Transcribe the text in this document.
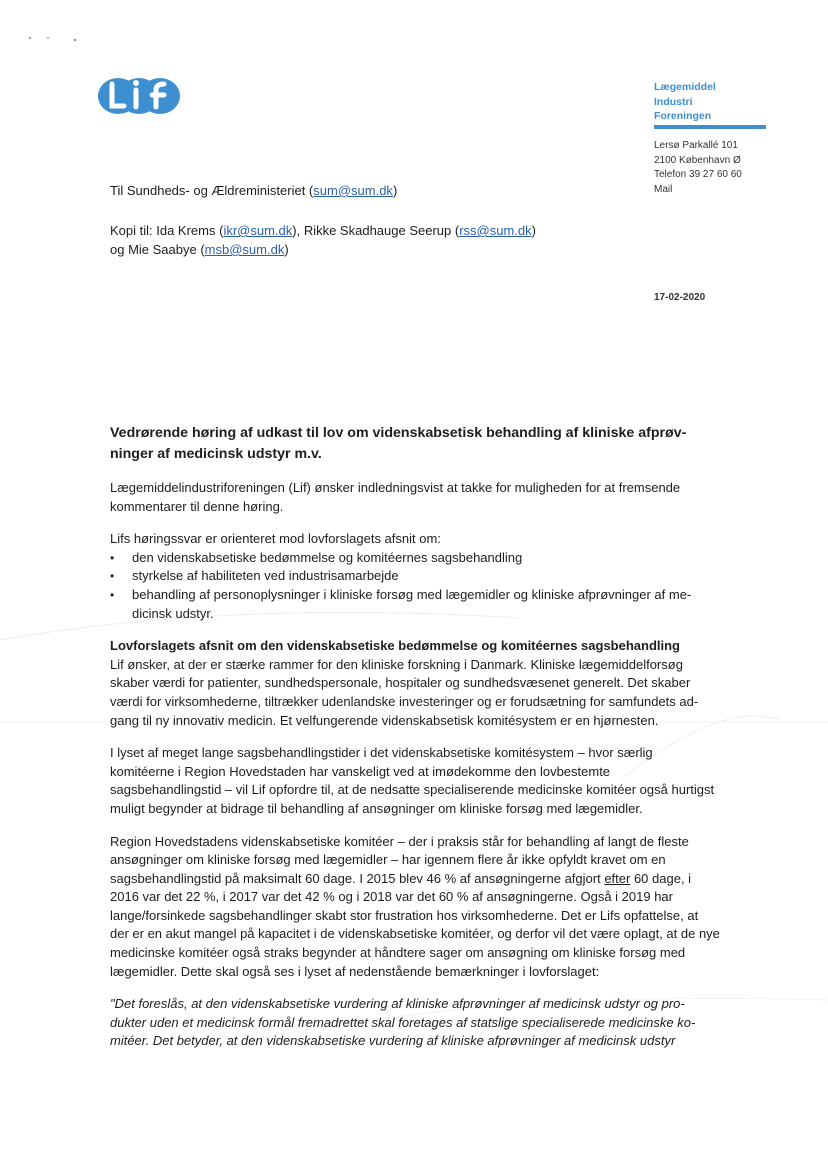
Lægemiddel
Industri
Foreningen
Lersø Parkallé 101
2100 København Ø
Telefon 39 27 60 60
Mail
Til Sundheds- og Ældreministeriet (sum@sum.dk)
Kopi til: Ida Krems (ikr@sum.dk), Rikke Skadhauge Seerup (rss@sum.dk)
og Mie Saabye (msb@sum.dk)
17-02-2020

Vedrørende høring af udkast til lov om videnskabsetisk behandling af kliniske afprøv-ninger af medicinsk udstyr m.v.

Lægemiddelindustriforeningen (Lif) ønsker indledningsvist at takke for muligheden for at fremsende kommentarer til denne høring.

Lifs høringssvar er orienteret mod lovforslagets afsnit om:

• den videnskabsetiske bedømmelse og komitéernes sagsbehandling
• styrkelse af habiliteten ved industrisamarbejde
• behandling af personoplysninger i kliniske forsøg med lægemidler og kliniske afprøvninger af me-dicinsk udstyr.
Lovforslagets afsnit om den videnskabsetiske bedømmelse og komitéernes sagsbehandling

Lif ønsker, at der er stærke rammer for den kliniske forskning i Danmark. Kliniske lægemiddelforsøg skaber værdi for patienter, sundhedspersonale, hospitaler og sundhedsvæsenet generelt. Det skaber værdi for virksomhederne, tiltrækker udenlandske investeringer og er forudsætning for samfundets ad-gang til ny innovativ medicin. Et velfungerende videnskabsetisk komitésystem er en hjørnesten.

I lyset af meget lange sagsbehandlingstider i det videnskabsetiske komitésystem – hvor særlig komitéerne i Region Hovedstaden har vanskeligt ved at imødekomme den lovbestemte sagsbehandlingstid – vil Lif opfordre til, at de nedsatte specialiserende medicinske komitéer også hurtigst muligt begynder at bidrage til behandling af ansøgninger om kliniske forsøg med lægemidler.

Region Hovedstadens videnskabsetiske komitéer – der i praksis står for behandling af langt de fleste ansøgninger om kliniske forsøg med lægemidler – har igennem flere år ikke opfyldt kravet om en sagsbehandlingstid på maksimalt 60 dage. I 2015 blev 46 % af ansøgningerne afgjort efter 60 dage, i 2016 var det 22 %, i 2017 var det 42 % og i 2018 var det 60 % af ansøgningerne. Også i 2019 har lange/forsinkede sagsbehandlinger skabt stor frustration hos virksomhederne. Det er Lifs opfattelse, at der er en akut mangel på kapacitet i de videnskabsetiske komitéer, og derfor vil det være oplagt, at de nye medicinske komitéer også straks begynder at håndtere sager om ansøgning om kliniske forsøg med lægemidler. Dette skal også ses i lyset af nedenstående bemærkninger i lovforslaget:

"Det foreslås, at den videnskabsetiske vurdering af kliniske afprøvninger af medicinsk udstyr og pro-dukter uden et medicinsk formål fremadrettet skal foretages af statslige specialiserede medicinske ko-mitéer. Det betyder, at den videnskabsetiske vurdering af kliniske afprøvninger af medicinsk udstyr
